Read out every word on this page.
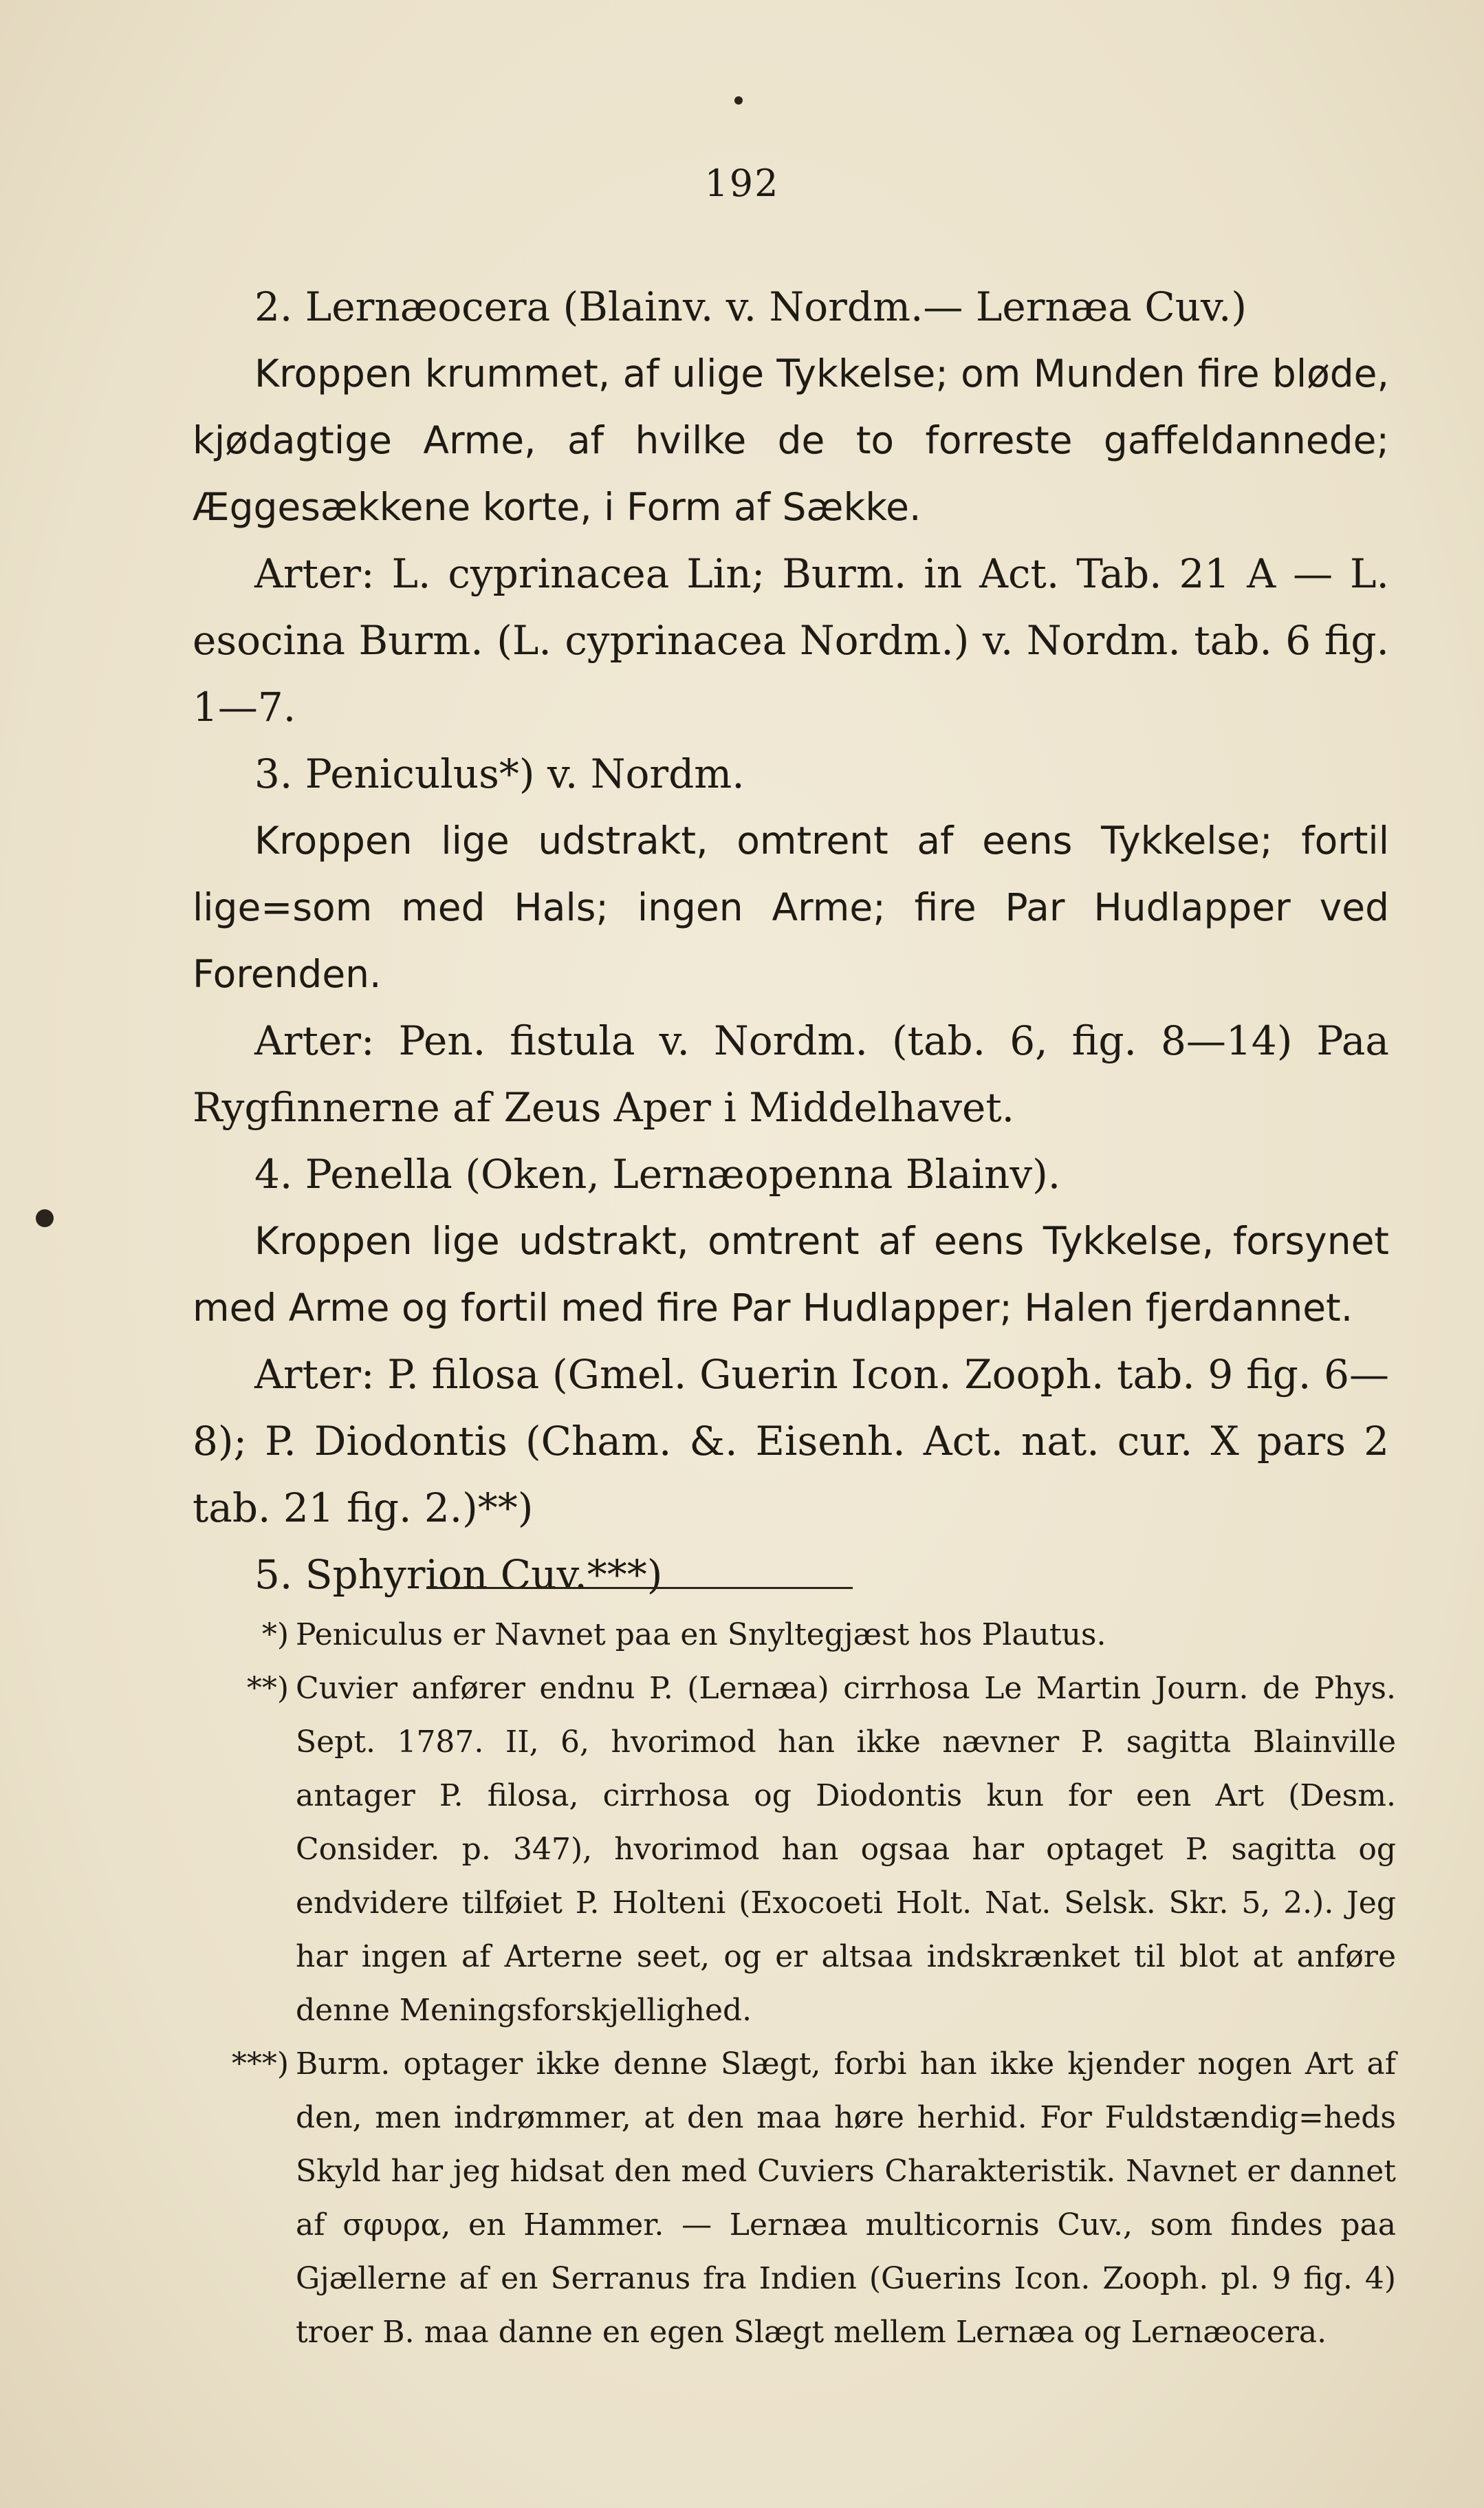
192

2. Lernæocera (Blainv. v. Nordm.— Lernæa Cuv.)

Kroppen krummet, af ulige Tykkelse; om Munden fire bløde, kjødagtige Arme, af hvilke de to forreste gaffeldannede; Æggesækkene korte, i Form af Sække.

Arter: L. cyprinacea Lin; Burm. in Act. Tab. 21 A — L. esocina Burm. (L. cyprinacea Nordm.) v. Nordm. tab. 6 fig. 1—7.

3. Peniculus*) v. Nordm.

Kroppen lige udstrakt, omtrent af eens Tykkelse; fortil lige=som med Hals; ingen Arme; fire Par Hudlapper ved Forenden.

Arter: Pen. fistula v. Nordm. (tab. 6, fig. 8—14) Paa Rygfinnerne af Zeus Aper i Middelhavet.

4. Penella (Oken, Lernæopenna Blainv).

Kroppen lige udstrakt, omtrent af eens Tykkelse, forsynet med Arme og fortil med fire Par Hudlapper; Halen fjerdannet.

Arter: P. filosa (Gmel. Guerin Icon. Zooph. tab. 9 fig. 6—8); P. Diodontis (Cham. &. Eisenh. Act. nat. cur. X pars 2 tab. 21 fig. 2.)**)

5. Sphyrion Cuv.***)

*) Peniculus er Navnet paa en Snyltegjæst hos Plautus.

**) Cuvier anfører endnu P. (Lernæa) cirrhosa Le Martin Journ. de Phys. Sept. 1787. II, 6, hvorimod han ikke nævner P. sagitta Blainville antager P. filosa, cirrhosa og Diodontis kun for een Art (Desm. Consider. p. 347), hvorimod han ogsaa har optaget P. sagitta og endvidere tilføiet P. Holteni (Exocoeti Holt. Nat. Selsk. Skr. 5, 2.). Jeg har ingen af Arterne seet, og er altsaa indskrænket til blot at anføre denne Meningsforskjellighed.

***) Burm. optager ikke denne Slægt, forbi han ikke kjender nogen Art af den, men indrømmer, at den maa høre herhid. For Fuldstændig=heds Skyld har jeg hidsat den med Cuviers Charakteristik. Navnet er dannet af σφυρα, en Hammer. — Lernæa multicornis Cuv., som findes paa Gjællerne af en Serranus fra Indien (Guerins Icon. Zooph. pl. 9 fig. 4) troer B. maa danne en egen Slægt mellem Lernæa og Lernæocera.
